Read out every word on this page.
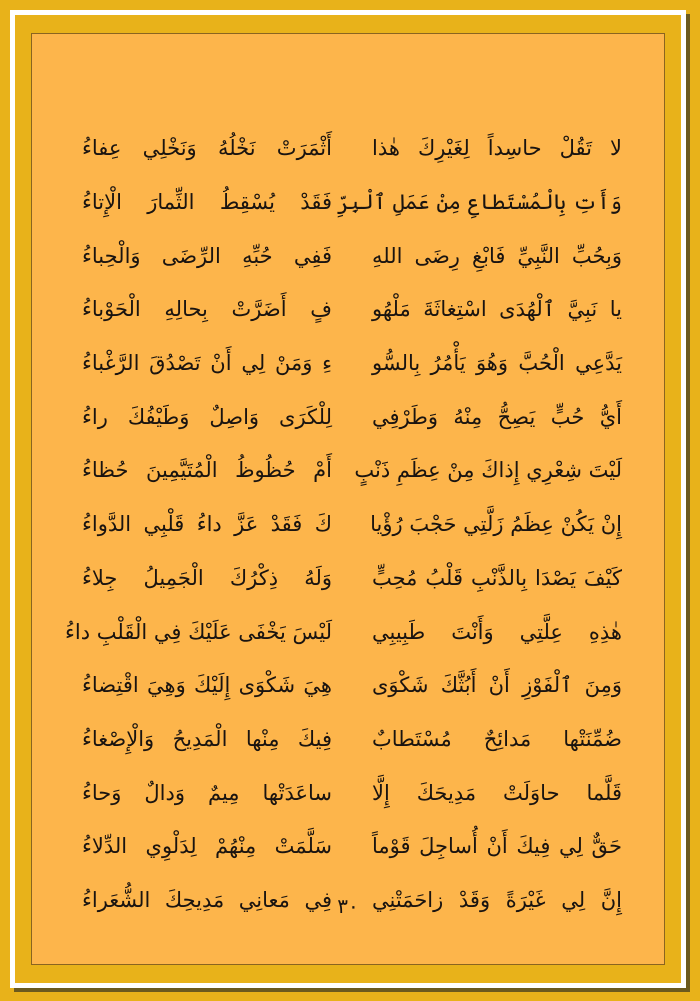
لا تَقُلْ حاسِداً لِغَيْرِكَ هٰذا
أَثْمَرَتْ نَخْلُهُ وَنَخْلِي عِفاءُ
وَأَتِ بِالْمُسْتَطاعِ مِنْ عَمَلِ ٱلْبِرِّ
فَقَدْ يُسْقِطُ الثِّمارَ الْإِتاءُ
وَبِحُبِّ النَّبِيِّ فَابْغِ رِضَى اللهِ
فَفِي حُبِّهِ الرِّضَى وَالْحِباءُ
يا نَبِيَّ ٱلْهُدَى اسْتِغاثَةَ مَلْهُو
فٍ أَضَرَّتْ بِحالِهِ الْحَوْباءُ
يَدَّعِي الْحُبَّ وَهُوَ يَأْمُرُ بِالسُّو
ءِ وَمَنْ لِي أَنْ تَصْدُقَ الرَّغْباءُ
أَيُّ حُبٍّ يَصِحُّ مِنْهُ وَطَرْفِي
لِلْكَرَى وَاصِلٌ وَطَيْفُكَ راءُ
لَيْتَ شِعْرِي إِذاكَ مِنْ عِظَمِ ذَنْبٍ
أَمْ حُظُوظُ الْمُتَيَّمِينَ حُظاءُ
إِنْ يَكُنْ عِظَمُ زَلَّتِي حَجْبَ رُؤْيا
كَ فَقَدْ عَزَّ داءُ قَلْبِي الدَّواءُ
كَيْفَ يَصْدَا بِالذَّنْبِ قَلْبُ مُحِبٍّ
وَلَهُ ذِكْرُكَ الْجَمِيلُ جِلاءُ
هٰذِهِ عِلَّتِي وَأَنْتَ طَبِيبِي
لَيْسَ يَخْفَى عَلَيْكَ فِي الْقَلْبِ داءُ
وَمِنَ ٱلْفَوْزِ أَنْ أَبُثَّكَ شَكْوَى
هِيَ شَكْوَى إِلَيْكَ وَهِيَ اقْتِضاءُ
ضُمِّنَتْها مَدائِحٌ مُسْتَطابٌ
فِيكَ مِنْها الْمَدِيحُ وَالْإِصْغاءُ
قَلَّما حاوَلَتْ مَدِيحَكَ إِلَّا
ساعَدَتْها مِيمٌ وَدالٌ وَحاءُ
حَقٌّ لِي فِيكَ أَنْ أُساجِلَ قَوْماً
سَلَّمَتْ مِنْهُمْ لِدَلْوِي الدِّلاءُ
إِنَّ لِي غَيْرَةً وَقَدْ زاحَمَتْنِي
فِي مَعانِي مَدِيحِكَ الشُّعَراءُ ٣٠
